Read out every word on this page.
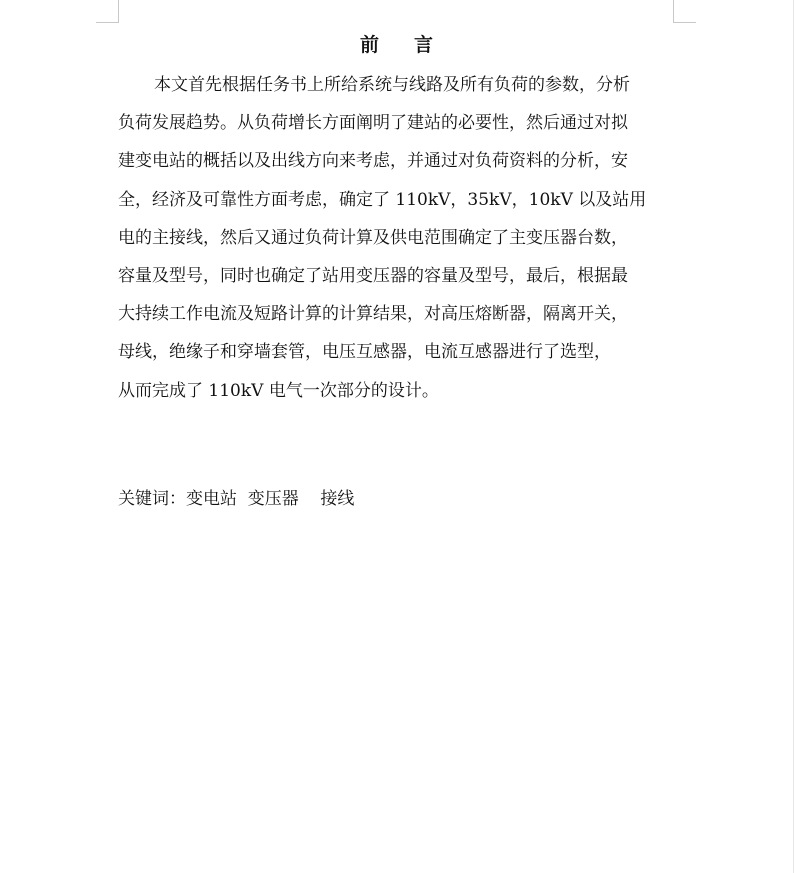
前 言
本文首先根据任务书上所给系统与线路及所有负荷的参数，分析
负荷发展趋势。从负荷增长方面阐明了建站的必要性，然后通过对拟
建变电站的概括以及出线方向来考虑，并通过对负荷资料的分析，安
全，经济及可靠性方面考虑，确定了 110kV，35kV，10kV 以及站用
电的主接线，然后又通过负荷计算及供电范围确定了主变压器台数，
容量及型号，同时也确定了站用变压器的容量及型号，最后，根据最
大持续工作电流及短路计算的计算结果，对高压熔断器，隔离开关，
母线，绝缘子和穿墙套管，电压互感器，电流互感器进行了选型，
从而完成了 110kV 电气一次部分的设计。
关键词：变电站  变压器    接线
